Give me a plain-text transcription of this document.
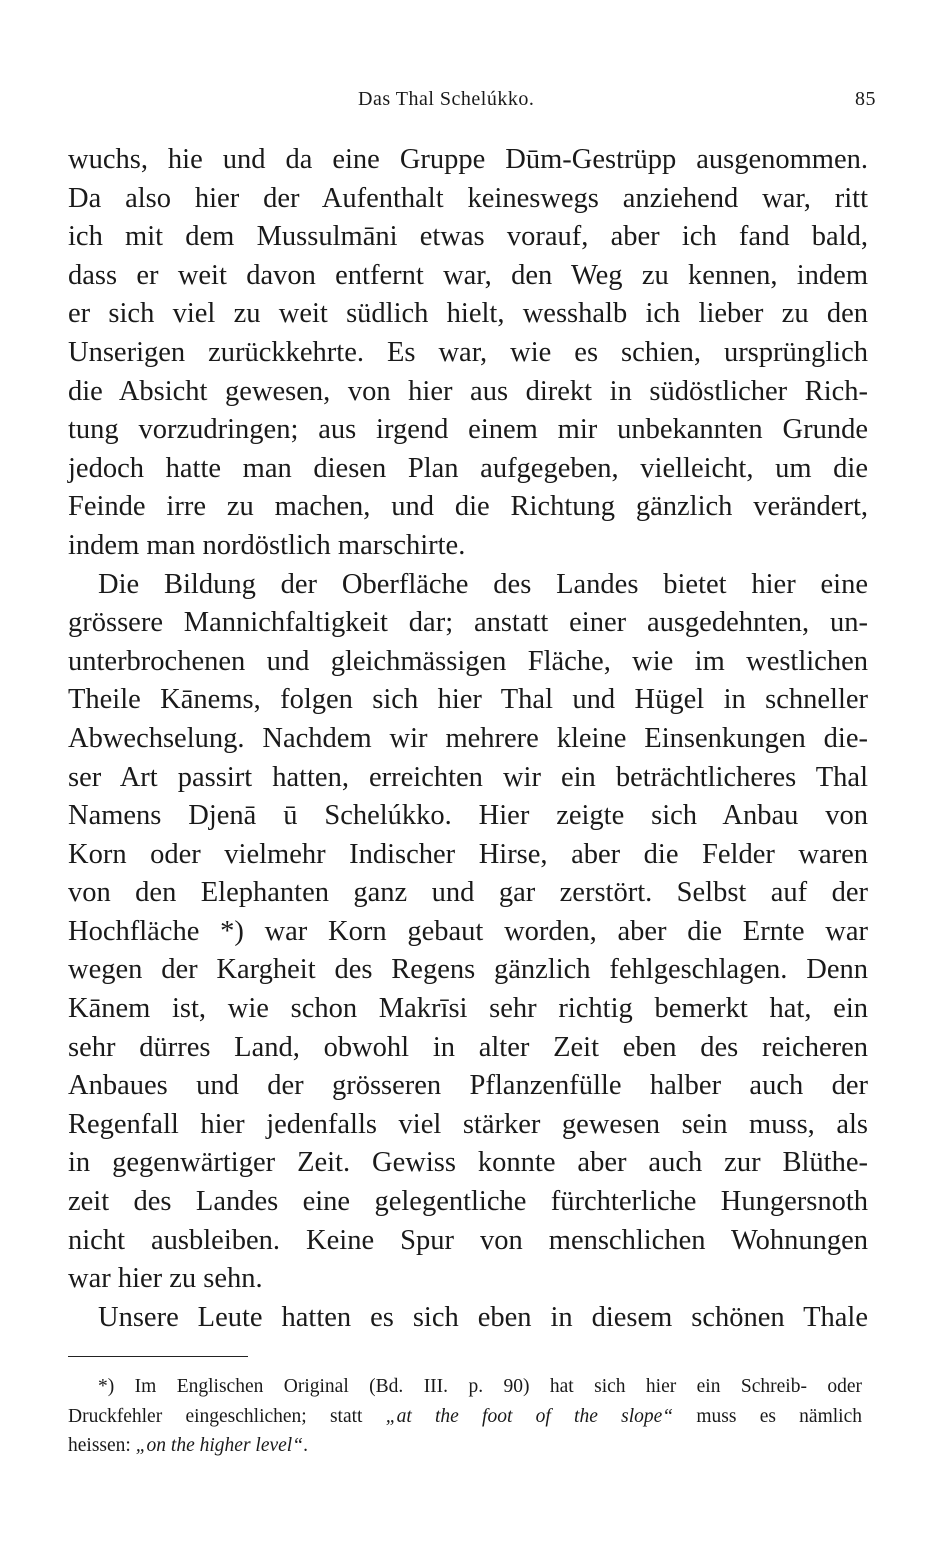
Das Thal Schelúkko.	85
wuchs, hie und da eine Gruppe Dūm-Gestrüpp ausgenommen.
Da also hier der Aufenthalt keineswegs anziehend war, ritt
ich mit dem Mussulmāni etwas vorauf, aber ich fand bald,
dass er weit davon entfernt war, den Weg zu kennen, indem
er sich viel zu weit südlich hielt, wesshalb ich lieber zu den
Unserigen zurückkehrte. Es war, wie es schien, ursprünglich
die Absicht gewesen, von hier aus direkt in südöstlicher Rich-
tung vorzudringen; aus irgend einem mir unbekannten Grunde
jedoch hatte man diesen Plan aufgegeben, vielleicht, um die
Feinde irre zu machen, und die Richtung gänzlich verändert,
indem man nordöstlich marschirte.
Die Bildung der Oberfläche des Landes bietet hier eine
grössere Mannichfaltigkeit dar; anstatt einer ausgedehnten, un-
unterbrochenen und gleichmässigen Fläche, wie im westlichen
Theile Kānems, folgen sich hier Thal und Hügel in schneller
Abwechselung. Nachdem wir mehrere kleine Einsenkungen die-
ser Art passirt hatten, erreichten wir ein beträchtlicheres Thal
Namens Djenā ū Schelúkko. Hier zeigte sich Anbau von
Korn oder vielmehr Indischer Hirse, aber die Felder waren
von den Elephanten ganz und gar zerstört. Selbst auf der
Hochfläche *) war Korn gebaut worden, aber die Ernte war
wegen der Kargheit des Regens gänzlich fehlgeschlagen. Denn
Kānem ist, wie schon Makrīsi sehr richtig bemerkt hat, ein
sehr dürres Land, obwohl in alter Zeit eben des reicheren
Anbaues und der grösseren Pflanzenfülle halber auch der
Regenfall hier jedenfalls viel stärker gewesen sein muss, als
in gegenwärtiger Zeit. Gewiss konnte aber auch zur Blüthe-
zeit des Landes eine gelegentliche fürchterliche Hungersnoth
nicht ausbleiben. Keine Spur von menschlichen Wohnungen
war hier zu sehn.
Unsere Leute hatten es sich eben in diesem schönen Thale
*) Im Englischen Original (Bd. III. p. 90) hat sich hier ein Schreib- oder
Druckfehler eingeschlichen; statt „at the foot of the slope“ muss es nämlich
heissen: „on the higher level“.
